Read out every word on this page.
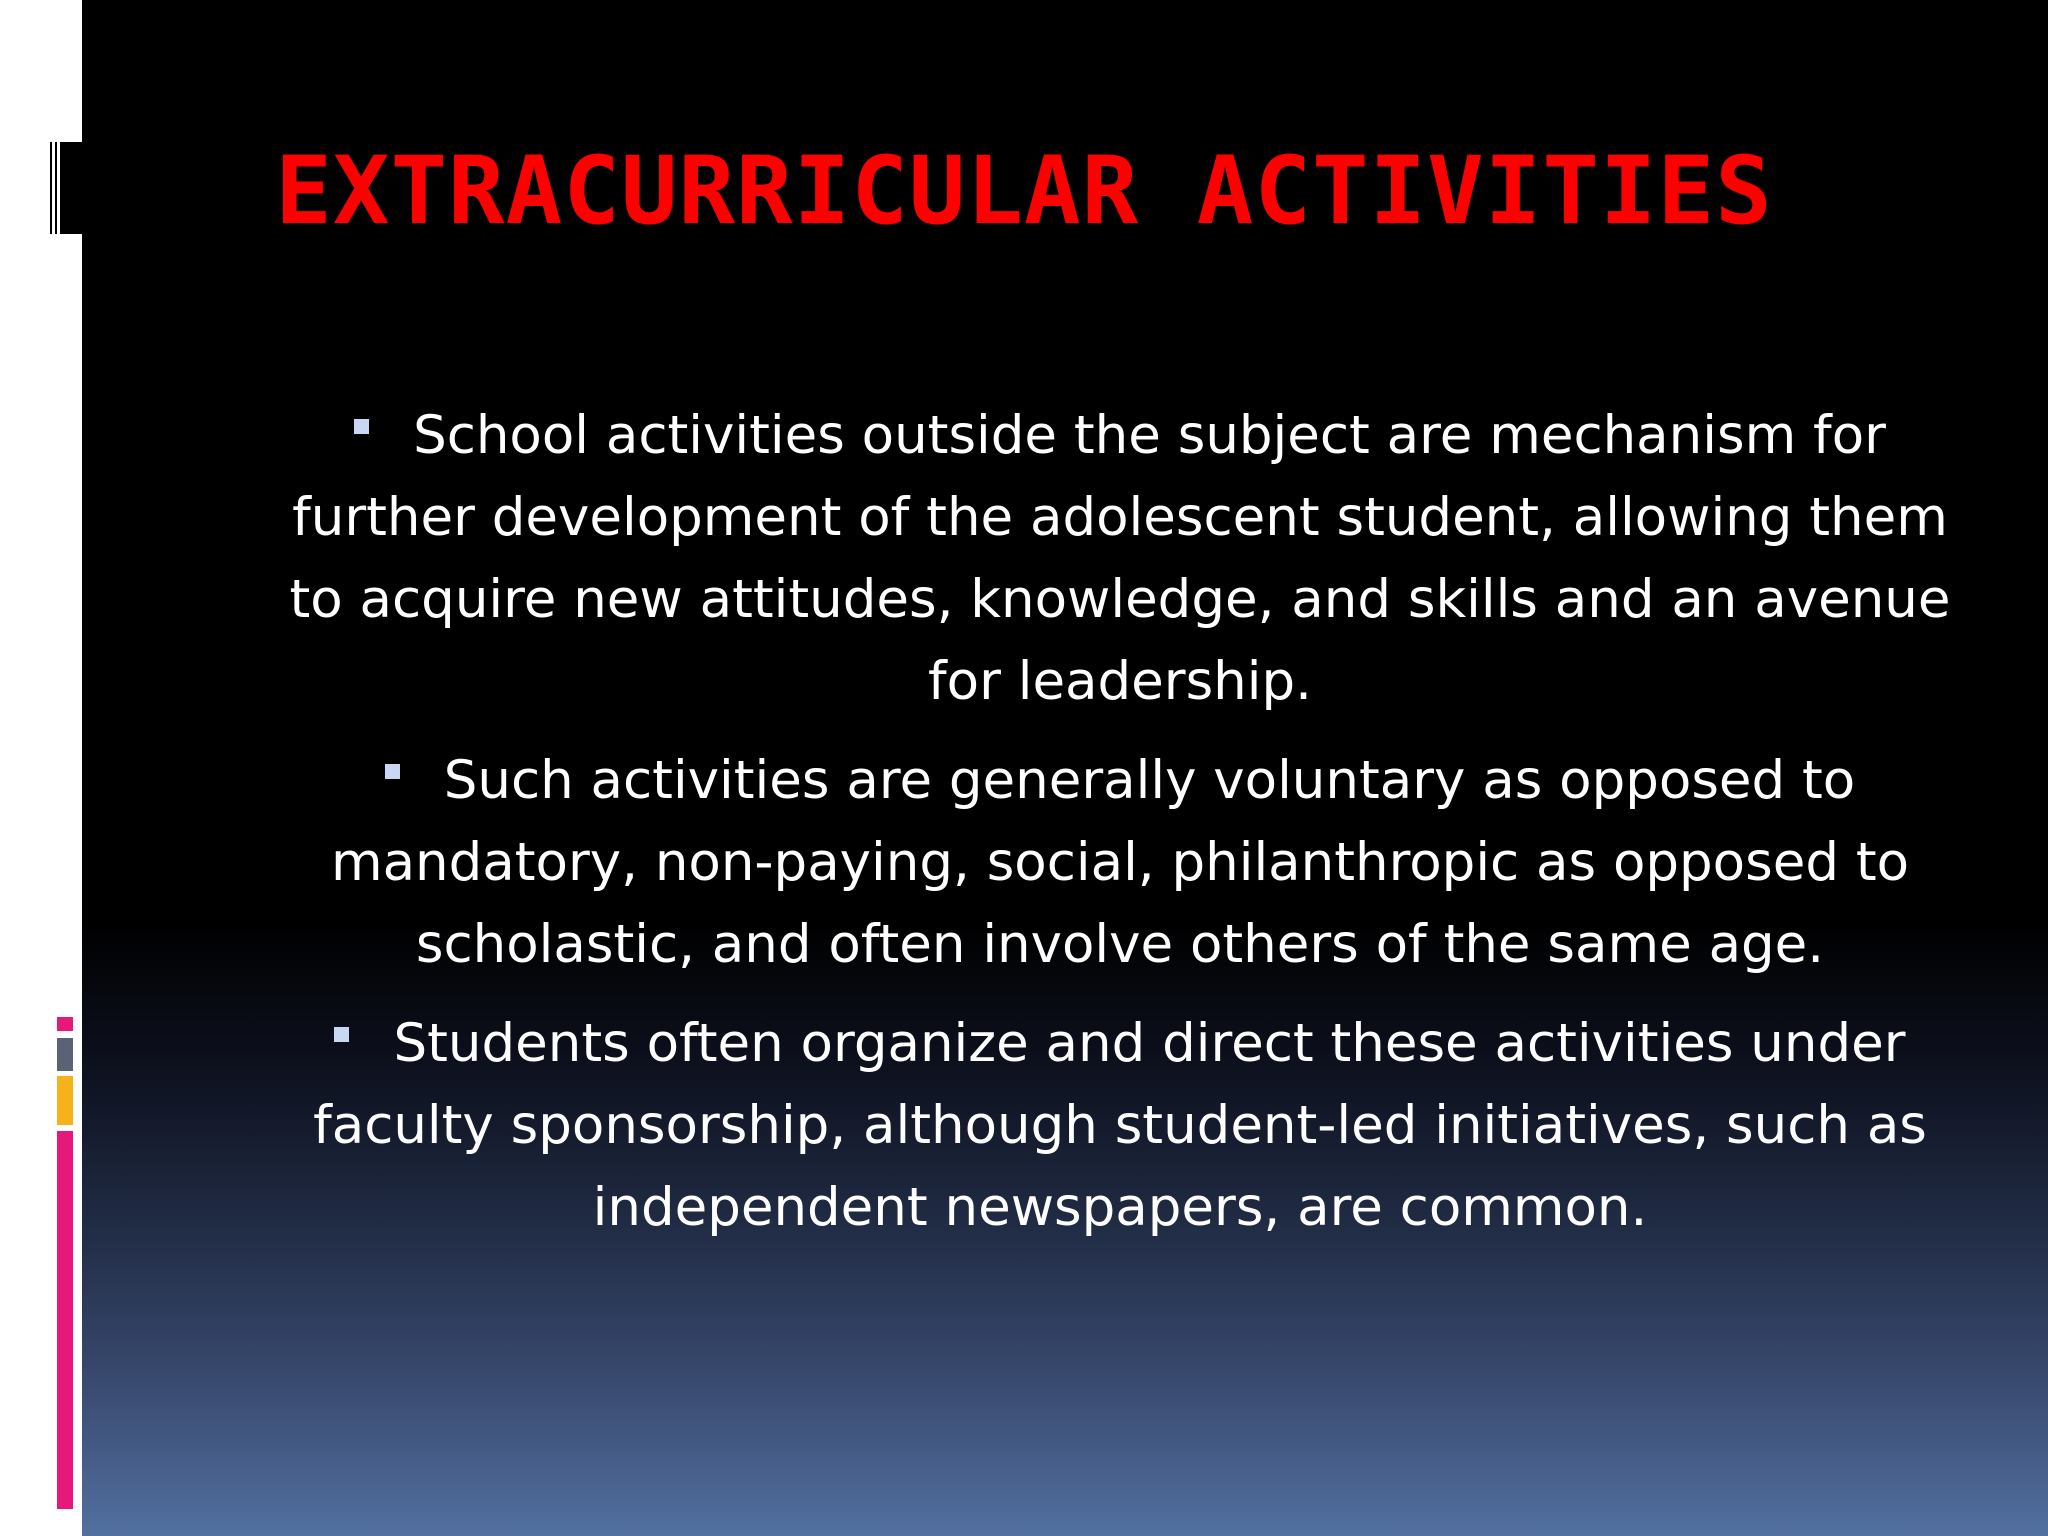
EXTRACURRICULAR ACTIVITIES
School activities outside the subject are mechanism for further development of the adolescent student, allowing them to acquire new attitudes, knowledge, and skills and an avenue for leadership.
Such activities are generally voluntary as opposed to mandatory, non-paying, social, philanthropic as opposed to scholastic, and often involve others of the same age.
Students often organize and direct these activities under faculty sponsorship, although student-led initiatives, such as independent newspapers, are common.
